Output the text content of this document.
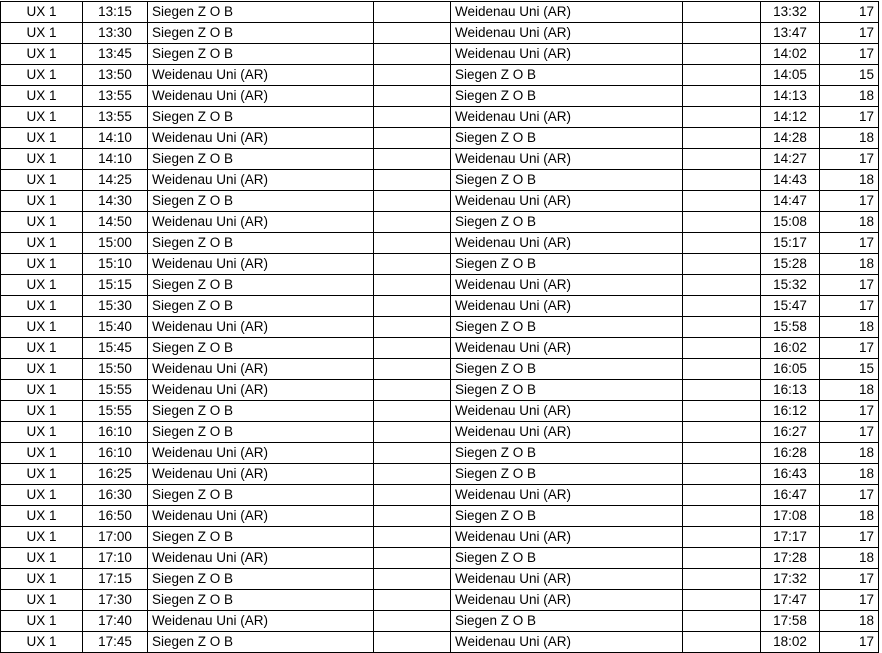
UX 1	13:15	Siegen Z O B		Weidenau Uni (AR)		13:32	17
UX 1	13:30	Siegen Z O B		Weidenau Uni (AR)		13:47	17
UX 1	13:45	Siegen Z O B		Weidenau Uni (AR)		14:02	17
UX 1	13:50	Weidenau Uni (AR)		Siegen Z O B		14:05	15
UX 1	13:55	Weidenau Uni (AR)		Siegen Z O B		14:13	18
UX 1	13:55	Siegen Z O B		Weidenau Uni (AR)		14:12	17
UX 1	14:10	Weidenau Uni (AR)		Siegen Z O B		14:28	18
UX 1	14:10	Siegen Z O B		Weidenau Uni (AR)		14:27	17
UX 1	14:25	Weidenau Uni (AR)		Siegen Z O B		14:43	18
UX 1	14:30	Siegen Z O B		Weidenau Uni (AR)		14:47	17
UX 1	14:50	Weidenau Uni (AR)		Siegen Z O B		15:08	18
UX 1	15:00	Siegen Z O B		Weidenau Uni (AR)		15:17	17
UX 1	15:10	Weidenau Uni (AR)		Siegen Z O B		15:28	18
UX 1	15:15	Siegen Z O B		Weidenau Uni (AR)		15:32	17
UX 1	15:30	Siegen Z O B		Weidenau Uni (AR)		15:47	17
UX 1	15:40	Weidenau Uni (AR)		Siegen Z O B		15:58	18
UX 1	15:45	Siegen Z O B		Weidenau Uni (AR)		16:02	17
UX 1	15:50	Weidenau Uni (AR)		Siegen Z O B		16:05	15
UX 1	15:55	Weidenau Uni (AR)		Siegen Z O B		16:13	18
UX 1	15:55	Siegen Z O B		Weidenau Uni (AR)		16:12	17
UX 1	16:10	Siegen Z O B		Weidenau Uni (AR)		16:27	17
UX 1	16:10	Weidenau Uni (AR)		Siegen Z O B		16:28	18
UX 1	16:25	Weidenau Uni (AR)		Siegen Z O B		16:43	18
UX 1	16:30	Siegen Z O B		Weidenau Uni (AR)		16:47	17
UX 1	16:50	Weidenau Uni (AR)		Siegen Z O B		17:08	18
UX 1	17:00	Siegen Z O B		Weidenau Uni (AR)		17:17	17
UX 1	17:10	Weidenau Uni (AR)		Siegen Z O B		17:28	18
UX 1	17:15	Siegen Z O B		Weidenau Uni (AR)		17:32	17
UX 1	17:30	Siegen Z O B		Weidenau Uni (AR)		17:47	17
UX 1	17:40	Weidenau Uni (AR)		Siegen Z O B		17:58	18
UX 1	17:45	Siegen Z O B		Weidenau Uni (AR)		18:02	17
